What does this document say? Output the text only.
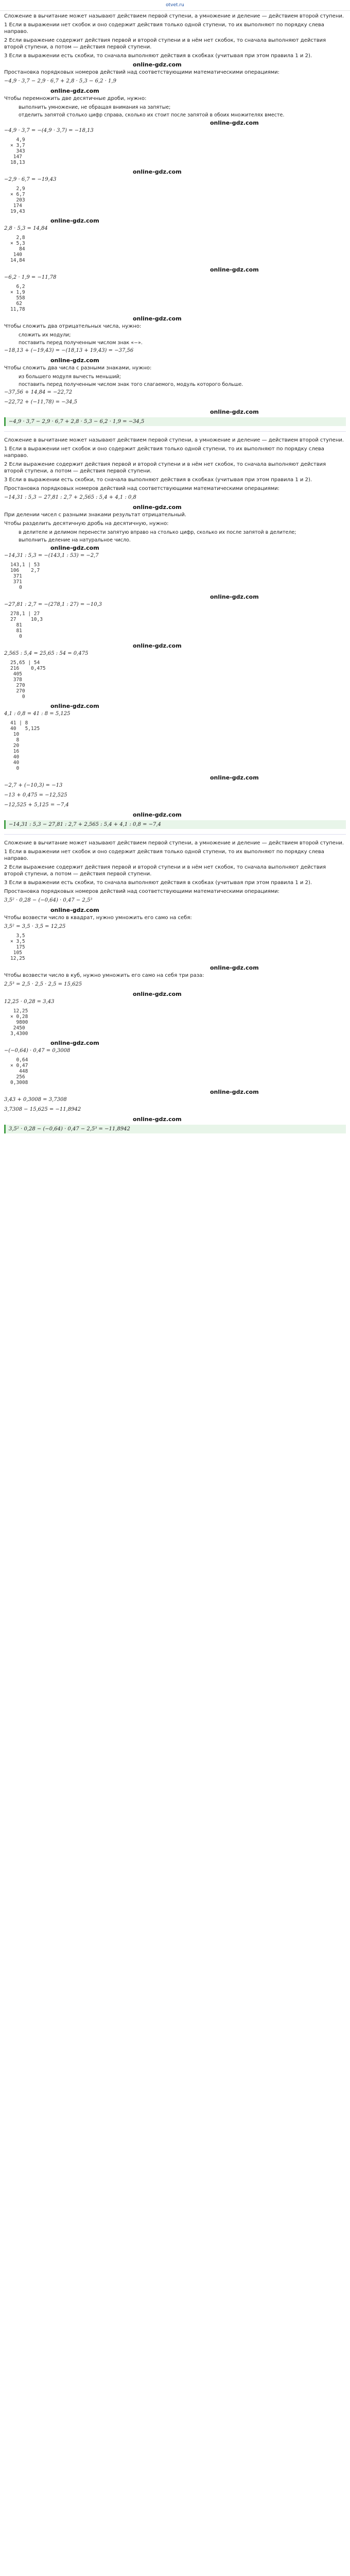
otvet.ru

Сложение в вычитание может называют действием первой ступени, а умножение и деление — действием второй ступени.

1 Если в выражении нет скобок и оно содержит действия только одной ступени, то их выполняют по порядку слева направо.

2 Если выражение содержит действия первой и второй ступени и в нём нет скобок, то сначала выполняют действия второй ступени, а потом — действия первой ступени.

3 Если в выражении есть скобки, то сначала выполняют действия в скобках (учитывая при этом правила 1 и 2).

online-gdz.com

Простановка порядковых номеров действий над соответствующими математическими операциями:

−4,9 · 3,7 − 2,9 · 6,7 + 2,8 · 5,3 − 6,2 · 1,9
online-gdz.com

Чтобы перемножить две десятичные дроби, нужно:

выполнить умножение, не обращая внимания на запятые;
отделить запятой столько цифр справа, сколько их стоит после запятой в обоих множителях вместе.
online-gdz.com
−4,9 · 3,7 = −(4,9 · 3,7) = −18,13
4,9
× 3,7
343
147
18,13
online-gdz.com
−2,9 · 6,7 = −19,43
2,9
× 6,7
203
174
19,43
online-gdz.com
2,8 · 5,3 = 14,84
2,8
× 5,3
84
140
14,84
online-gdz.com
−6,2 · 1,9 = −11,78
6,2
× 1,9
558
62
11,78
online-gdz.com

Чтобы сложить два отрицательных числа, нужно:

сложить их модули;
поставить перед полученным числом знак «−».
−18,13 + (−19,43) = −(18,13 + 19,43) = −37,56
online-gdz.com

Чтобы сложить два числа с разными знаками, нужно:

из большего модуля вычесть меньший;
поставить перед полученным числом знак того слагаемого, модуль которого больше.
−37,56 + 14,84 = −22,72
−22,72 + (−11,78) = −34,5
online-gdz.com
−4,9 · 3,7 − 2,9 · 6,7 + 2,8 · 5,3 − 6,2 · 1,9 = −34,5

Сложение в вычитание может называют действием первой ступени, а умножение и деление — действием второй ступени.

1 Если в выражении нет скобок и оно содержит действия только одной ступени, то их выполняют по порядку слева направо.

2 Если выражение содержит действия первой и второй ступени и в нём нет скобок, то сначала выполняют действия второй ступени, а потом — действия первой ступени.

3 Если в выражении есть скобки, то сначала выполняют действия в скобках (учитывая при этом правила 1 и 2).

Простановка порядковых номеров действий над соответствующими математическими операциями:

−14,31 : 5,3 − 27,81 : 2,7 + 2,565 : 5,4 + 4,1 : 0,8
online-gdz.com

При делении чисел с разными знаками результат отрицательный.

Чтобы разделить десятичную дробь на десятичную, нужно:

в делителе и делимом перенести запятую вправо на столько цифр, сколько их после запятой в делителе;
выполнить деление на натуральное число.
online-gdz.com
−14,31 : 5,3 = −(143,1 : 53) = −2,7
143,1 | 53
106    2,7
371
371
0
online-gdz.com
−27,81 : 2,7 = −(278,1 : 27) = −10,3
278,1 | 27
27     10,3
81
81
0
online-gdz.com
2,565 : 5,4 = 25,65 : 54 = 0,475
25,65 | 54
216    0,475
405
378
270
270
0
online-gdz.com
4,1 : 0,8 = 41 : 8 = 5,125
41 | 8
40   5,125
10
8
20
16
40
40
0
online-gdz.com
−2,7 + (−10,3) = −13
−13 + 0,475 = −12,525
−12,525 + 5,125 = −7,4
online-gdz.com
−14,31 : 5,3 − 27,81 : 2,7 + 2,565 : 5,4 + 4,1 : 0,8 = −7,4

Сложение в вычитание может называют действием первой ступени, а умножение и деление — действием второй ступени.

1 Если в выражении нет скобок и оно содержит действия только одной ступени, то их выполняют по порядку слева направо.

2 Если выражение содержит действия первой и второй ступени и в нём нет скобок, то сначала выполняют действия второй ступени, а потом — действия первой ступени.

3 Если в выражении есть скобки, то сначала выполняют действия в скобках (учитывая при этом правила 1 и 2).

Простановка порядковых номеров действий над соответствующими математическими операциями:

3,5² · 0,28 − (−0,64) · 0,47 − 2,5³
online-gdz.com

Чтобы возвести число в квадрат, нужно умножить его само на себя:

3,5² = 3,5 · 3,5 = 12,25
3,5
× 3,5
175
105
12,25
online-gdz.com

Чтобы возвести число в куб, нужно умножить его само на себя три раза:

2,5³ = 2,5 · 2,5 · 2,5 = 15,625
online-gdz.com
12,25 · 0,28 = 3,43
12,25
× 0,28
9800
2450
3,4300
online-gdz.com
−(−0,64) · 0,47 = 0,3008
0,64
× 0,47
448
256
0,3008
online-gdz.com
3,43 + 0,3008 = 3,7308
3,7308 − 15,625 = −11,8942
online-gdz.com
3,5² · 0,28 − (−0,64) · 0,47 − 2,5³ = −11,8942
